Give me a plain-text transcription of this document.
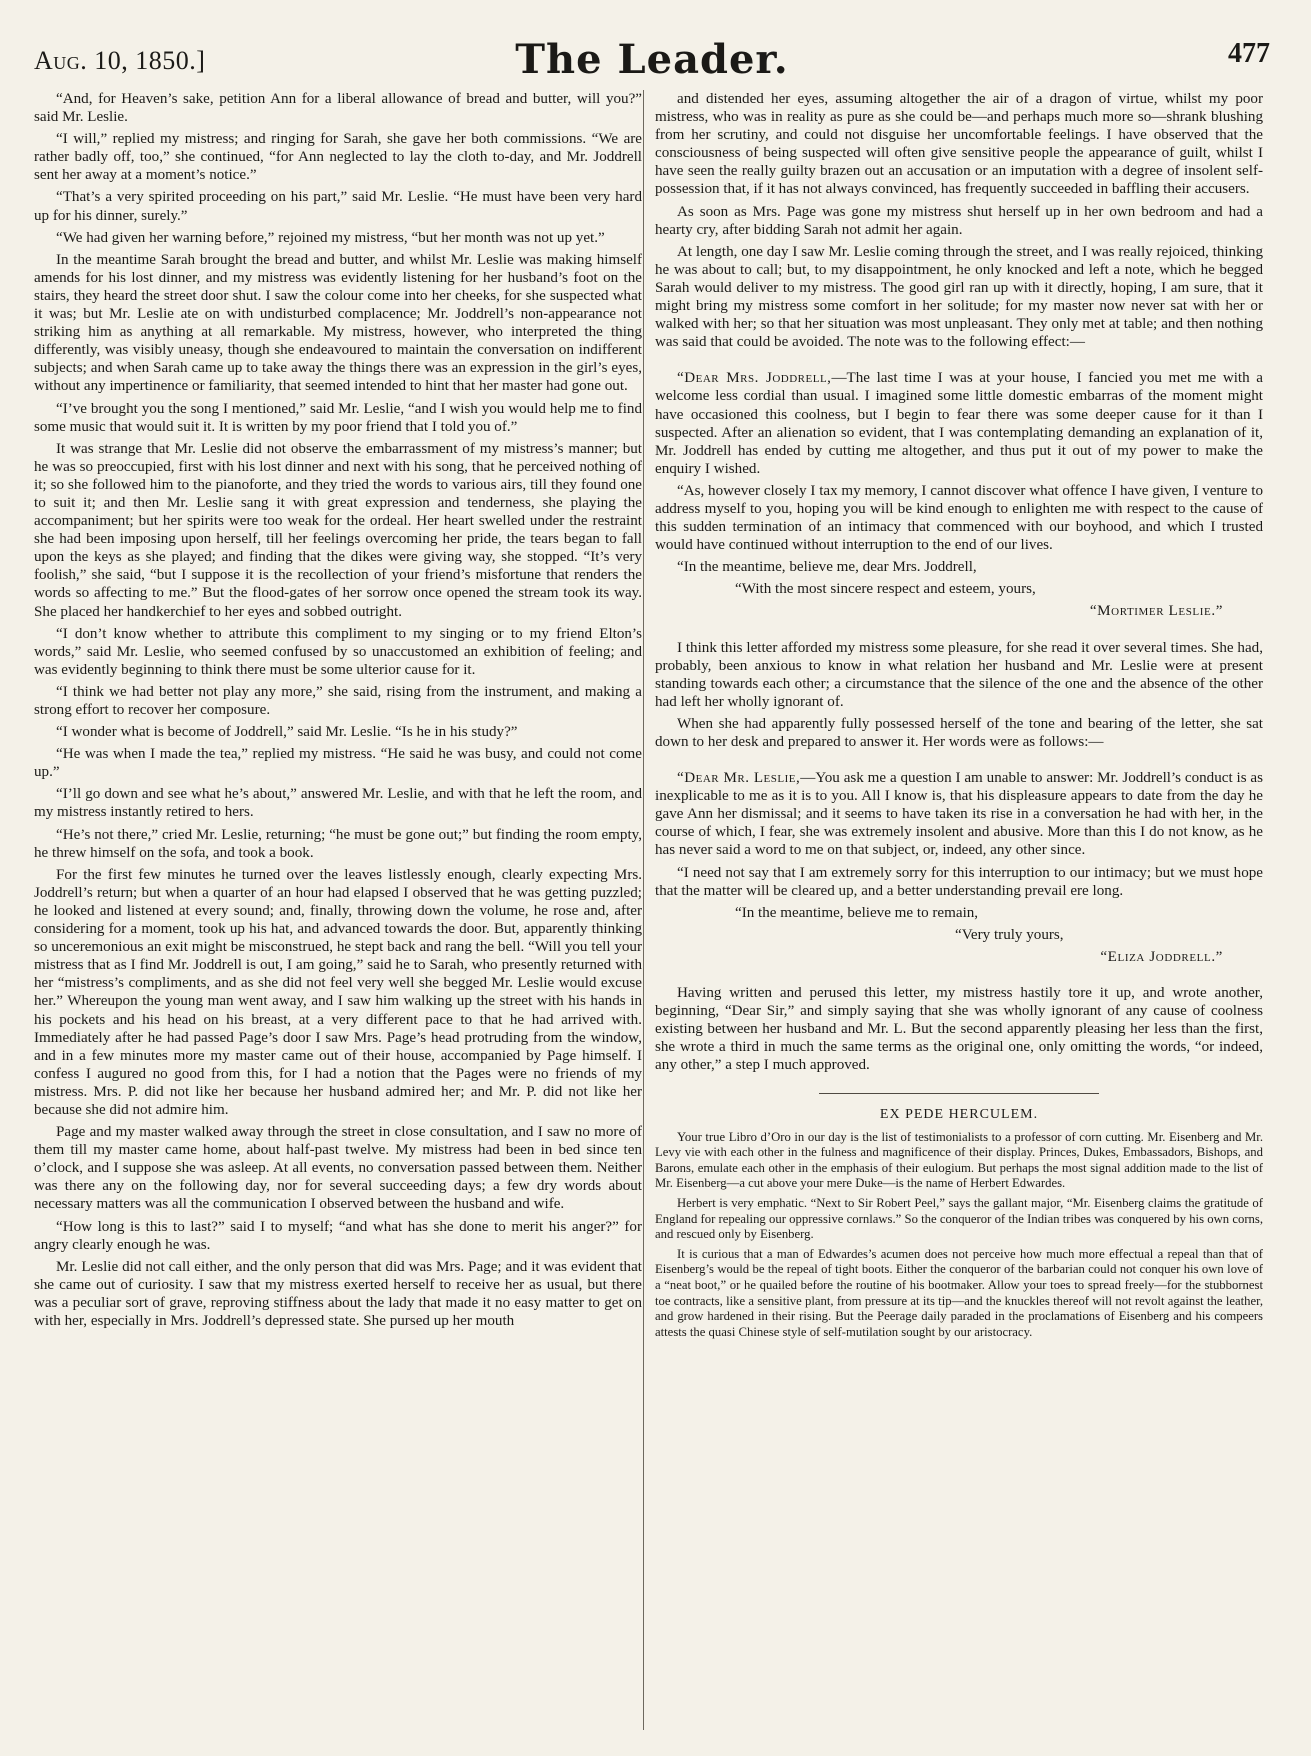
Aug. 10, 1850.]	The Leader.	477

“And, for Heaven’s sake, petition Ann for a liberal allowance of bread and butter, will you?” said Mr. Leslie.

“I will,” replied my mistress; and ringing for Sarah, she gave her both commissions. “We are rather badly off, too,” she continued, “for Ann neglected to lay the cloth to-day, and Mr. Joddrell sent her away at a moment’s notice.”

“That’s a very spirited proceeding on his part,” said Mr. Leslie. “He must have been very hard up for his dinner, surely.”

“We had given her warning before,” rejoined my mistress, “but her month was not up yet.”

In the meantime Sarah brought the bread and butter, and whilst Mr. Leslie was making himself amends for his lost dinner, and my mistress was evidently listening for her husband’s foot on the stairs, they heard the street door shut. I saw the colour come into her cheeks, for she suspected what it was; but Mr. Leslie ate on with undisturbed complacence; Mr. Joddrell’s non-appearance not striking him as anything at all remarkable. My mistress, however, who interpreted the thing differently, was visibly uneasy, though she endeavoured to maintain the conversation on indifferent subjects; and when Sarah came up to take away the things there was an expression in the girl’s eyes, without any impertinence or familiarity, that seemed intended to hint that her master had gone out.

“I’ve brought you the song I mentioned,” said Mr. Leslie, “and I wish you would help me to find some music that would suit it. It is written by my poor friend that I told you of.”

It was strange that Mr. Leslie did not observe the embarrassment of my mistress’s manner; but he was so preoccupied, first with his lost dinner and next with his song, that he perceived nothing of it; so she followed him to the pianoforte, and they tried the words to various airs, till they found one to suit it; and then Mr. Leslie sang it with great expression and tenderness, she playing the accompaniment; but her spirits were too weak for the ordeal. Her heart swelled under the restraint she had been imposing upon herself, till her feelings overcoming her pride, the tears began to fall upon the keys as she played; and finding that the dikes were giving way, she stopped. “It’s very foolish,” she said, “but I suppose it is the recollection of your friend’s misfortune that renders the words so affecting to me.” But the flood-gates of her sorrow once opened the stream took its way. She placed her handkerchief to her eyes and sobbed outright.

“I don’t know whether to attribute this compliment to my singing or to my friend Elton’s words,” said Mr. Leslie, who seemed confused by so unaccustomed an exhibition of feeling; and was evidently beginning to think there must be some ulterior cause for it.

“I think we had better not play any more,” she said, rising from the instrument, and making a strong effort to recover her composure.

“I wonder what is become of Joddrell,” said Mr. Leslie. “Is he in his study?”

“He was when I made the tea,” replied my mistress. “He said he was busy, and could not come up.”

“I’ll go down and see what he’s about,” answered Mr. Leslie, and with that he left the room, and my mistress instantly retired to hers.

“He’s not there,” cried Mr. Leslie, returning; “he must be gone out;” but finding the room empty, he threw himself on the sofa, and took a book.

For the first few minutes he turned over the leaves listlessly enough, clearly expecting Mrs. Joddrell’s return; but when a quarter of an hour had elapsed I observed that he was getting puzzled; he looked and listened at every sound; and, finally, throwing down the volume, he rose and, after considering for a moment, took up his hat, and advanced towards the door. But, apparently thinking so unceremonious an exit might be misconstrued, he stept back and rang the bell. “Will you tell your mistress that as I find Mr. Joddrell is out, I am going,” said he to Sarah, who presently returned with her “mistress’s compliments, and as she did not feel very well she begged Mr. Leslie would excuse her.” Whereupon the young man went away, and I saw him walking up the street with his hands in his pockets and his head on his breast, at a very different pace to that he had arrived with. Immediately after he had passed Page’s door I saw Mrs. Page’s head protruding from the window, and in a few minutes more my master came out of their house, accompanied by Page himself. I confess I augured no good from this, for I had a notion that the Pages were no friends of my mistress. Mrs. P. did not like her because her husband admired her; and Mr. P. did not like her because she did not admire him.

Page and my master walked away through the street in close consultation, and I saw no more of them till my master came home, about half-past twelve. My mistress had been in bed since ten o’clock, and I suppose she was asleep. At all events, no conversation passed between them. Neither was there any on the following day, nor for several succeeding days; a few dry words about necessary matters was all the communication I observed between the husband and wife.

“How long is this to last?” said I to myself; “and what has she done to merit his anger?” for angry clearly enough he was.

Mr. Leslie did not call either, and the only person that did was Mrs. Page; and it was evident that she came out of curiosity. I saw that my mistress exerted herself to receive her as usual, but there was a peculiar sort of grave, reproving stiffness about the lady that made it no easy matter to get on with her, especially in Mrs. Joddrell’s depressed state. She pursed up her mouth

and distended her eyes, assuming altogether the air of a dragon of virtue, whilst my poor mistress, who was in reality as pure as she could be—and perhaps much more so—shrank blushing from her scrutiny, and could not disguise her uncomfortable feelings. I have observed that the consciousness of being suspected will often give sensitive people the appearance of guilt, whilst I have seen the really guilty brazen out an accusation or an imputation with a degree of insolent self-possession that, if it has not always convinced, has frequently succeeded in baffling their accusers.

As soon as Mrs. Page was gone my mistress shut herself up in her own bedroom and had a hearty cry, after bidding Sarah not admit her again.

At length, one day I saw Mr. Leslie coming through the street, and I was really rejoiced, thinking he was about to call; but, to my disappointment, he only knocked and left a note, which he begged Sarah would deliver to my mistress. The good girl ran up with it directly, hoping, I am sure, that it might bring my mistress some comfort in her solitude; for my master now never sat with her or walked with her; so that her situation was most unpleasant. They only met at table; and then nothing was said that could be avoided. The note was to the following effect:—

“Dear Mrs. Joddrell,—The last time I was at your house, I fancied you met me with a welcome less cordial than usual. I imagined some little domestic embarras of the moment might have occasioned this coolness, but I begin to fear there was some deeper cause for it than I suspected. After an alienation so evident, that I was contemplating demanding an explanation of it, Mr. Joddrell has ended by cutting me altogether, and thus put it out of my power to make the enquiry I wished.

“As, however closely I tax my memory, I cannot discover what offence I have given, I venture to address myself to you, hoping you will be kind enough to enlighten me with respect to the cause of this sudden termination of an intimacy that commenced with our boyhood, and which I trusted would have continued without interruption to the end of our lives.

“In the meantime, believe me, dear Mrs. Joddrell,

“With the most sincere respect and esteem, yours,

“Mortimer Leslie.”

I think this letter afforded my mistress some pleasure, for she read it over several times. She had, probably, been anxious to know in what relation her husband and Mr. Leslie were at present standing towards each other; a circumstance that the silence of the one and the absence of the other had left her wholly ignorant of.

When she had apparently fully possessed herself of the tone and bearing of the letter, she sat down to her desk and prepared to answer it. Her words were as follows:—

“Dear Mr. Leslie,—You ask me a question I am unable to answer: Mr. Joddrell’s conduct is as inexplicable to me as it is to you. All I know is, that his displeasure appears to date from the day he gave Ann her dismissal; and it seems to have taken its rise in a conversation he had with her, in the course of which, I fear, she was extremely insolent and abusive. More than this I do not know, as he has never said a word to me on that subject, or, indeed, any other since.

“I need not say that I am extremely sorry for this interruption to our intimacy; but we must hope that the matter will be cleared up, and a better understanding prevail ere long.

“In the meantime, believe me to remain,

“Very truly yours,

“Eliza Joddrell.”

Having written and perused this letter, my mistress hastily tore it up, and wrote another, beginning, “Dear Sir,” and simply saying that she was wholly ignorant of any cause of coolness existing between her husband and Mr. L. But the second apparently pleasing her less than the first, she wrote a third in much the same terms as the original one, only omitting the words, “or indeed, any other,” a step I much approved.

EX PEDE HERCULEM.

Your true Libro d’Oro in our day is the list of testimonialists to a professor of corn cutting. Mr. Eisenberg and Mr. Levy vie with each other in the fulness and magnificence of their display. Princes, Dukes, Embassadors, Bishops, and Barons, emulate each other in the emphasis of their eulogium. But perhaps the most signal addition made to the list of Mr. Eisenberg—a cut above your mere Duke—is the name of Herbert Edwardes.

Herbert is very emphatic. “Next to Sir Robert Peel,” says the gallant major, “Mr. Eisenberg claims the gratitude of England for repealing our oppressive cornlaws.” So the conqueror of the Indian tribes was conquered by his own corns, and rescued only by Eisenberg.

It is curious that a man of Edwardes’s acumen does not perceive how much more effectual a repeal than that of Eisenberg’s would be the repeal of tight boots. Either the conqueror of the barbarian could not conquer his own love of a “neat boot,” or he quailed before the routine of his bootmaker. Allow your toes to spread freely—for the stubbornest toe contracts, like a sensitive plant, from pressure at its tip—and the knuckles thereof will not revolt against the leather, and grow hardened in their rising. But the Peerage daily paraded in the proclamations of Eisenberg and his compeers attests the quasi Chinese style of self-mutilation sought by our aristocracy.
